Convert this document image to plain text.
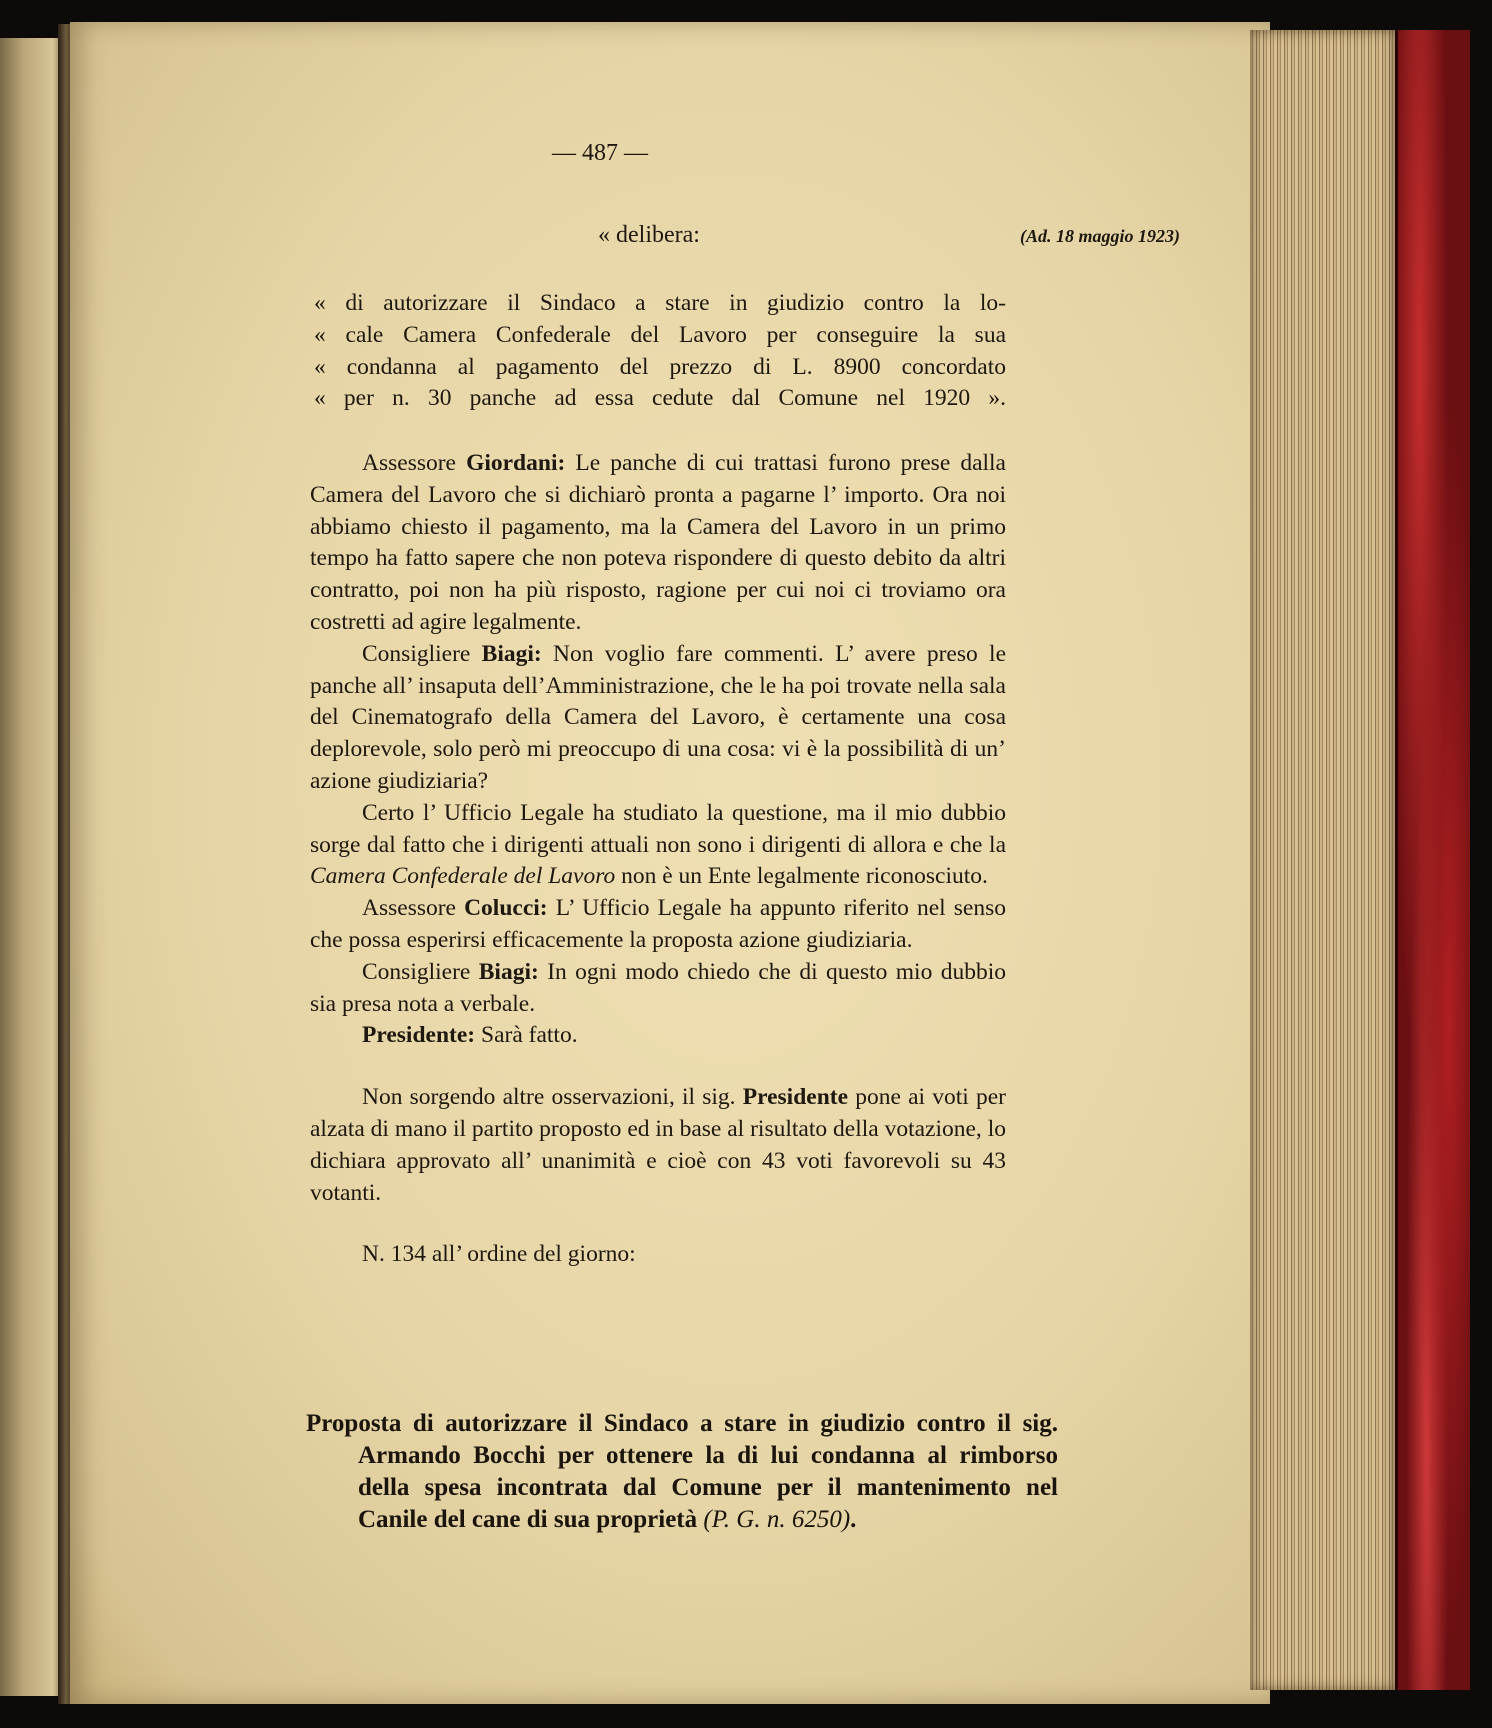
— 487 —
« delibera:	(Ad. 18 maggio 1923)
« di autorizzare il Sindaco a stare in giudizio contro la lo-
« cale Camera Confederale del Lavoro per conseguire la sua
« condanna al pagamento del prezzo di L. 8900 concordato
« per n. 30 panche ad essa cedute dal Comune nel 1920 ».

Assessore Giordani: Le panche di cui trattasi furono prese dalla Camera del Lavoro che si dichiarò pronta a pagarne l’ importo. Ora noi abbiamo chiesto il pagamento, ma la Camera del Lavoro in un primo tempo ha fatto sapere che non poteva rispondere di questo debito da altri contratto, poi non ha più risposto, ragione per cui noi ci troviamo ora costretti ad agire legalmente.

Consigliere Biagi: Non voglio fare commenti. L’ avere preso le panche all’ insaputa dell’Amministrazione, che le ha poi trovate nella sala del Cinematografo della Camera del Lavoro, è certamente una cosa deplorevole, solo però mi preoccupo di una cosa: vi è la possibilità di un’ azione giudiziaria?

Certo l’ Ufficio Legale ha studiato la questione, ma il mio dubbio sorge dal fatto che i dirigenti attuali non sono i dirigenti di allora e che la Camera Confederale del Lavoro non è un Ente legalmente riconosciuto.

Assessore Colucci: L’ Ufficio Legale ha appunto riferito nel senso che possa esperirsi efficacemente la proposta azione giudiziaria.

Consigliere Biagi: In ogni modo chiedo che di questo mio dubbio sia presa nota a verbale.

Presidente: Sarà fatto.

Non sorgendo altre osservazioni, il sig. Presidente pone ai voti per alzata di mano il partito proposto ed in base al risultato della votazione, lo dichiara approvato all’ unanimità e cioè con 43 voti favorevoli su 43 votanti.

N. 134 all’ ordine del giorno:

Proposta di autorizzare il Sindaco a stare in giudizio contro il sig. Armando Bocchi per ottenere la di lui condanna al rimborso della spesa incontrata dal Comune per il mantenimento nel Canile del cane di sua proprietà (P. G. n. 6250).
